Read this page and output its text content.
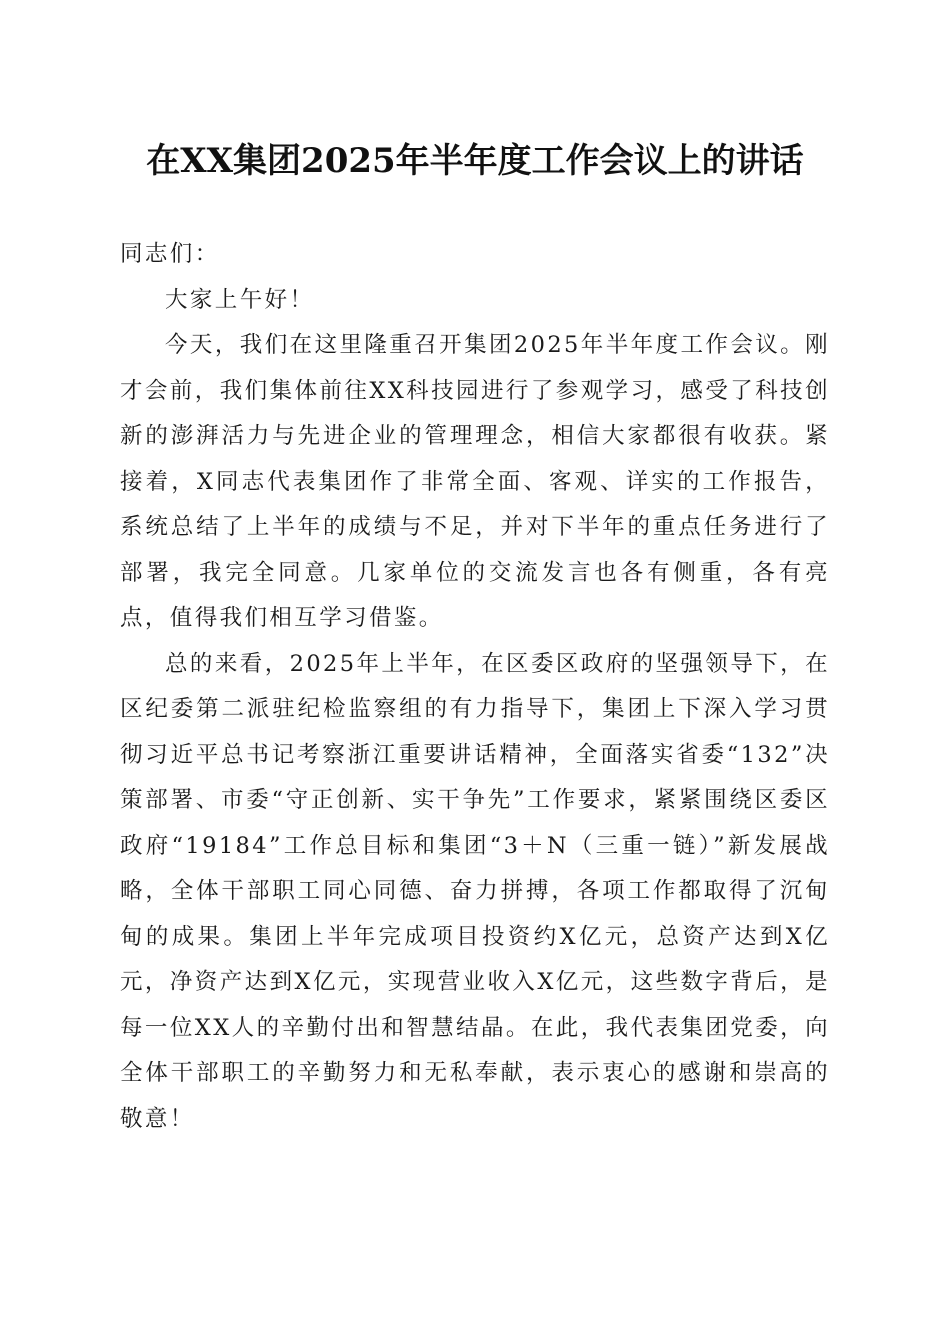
在XX集团2025年半年度工作会议上的讲话

同志们：

大家上午好！

今天，我们在这里隆重召开集团2025年半年度工作会议。刚才会前，我们集体前往XX科技园进行了参观学习，感受了科技创新的澎湃活力与先进企业的管理理念，相信大家都很有收获。紧接着，X同志代表集团作了非常全面、客观、详实的工作报告，系统总结了上半年的成绩与不足，并对下半年的重点任务进行了部署，我完全同意。几家单位的交流发言也各有侧重，各有亮点，值得我们相互学习借鉴。

总的来看，2025年上半年，在区委区政府的坚强领导下，在区纪委第二派驻纪检监察组的有力指导下，集团上下深入学习贯彻习近平总书记考察浙江重要讲话精神，全面落实省委“132”决策部署、市委“守正创新、实干争先”工作要求，紧紧围绕区委区政府“19184”工作总目标和集团“3＋N（三重一链）”新发展战略，全体干部职工同心同德、奋力拼搏，各项工作都取得了沉甸甸的成果。集团上半年完成项目投资约X亿元，总资产达到X亿元，净资产达到X亿元，实现营业收入X亿元，这些数字背后，是每一位XX人的辛勤付出和智慧结晶。在此，我代表集团党委，向全体干部职工的辛勤努力和无私奉献，表示衷心的感谢和崇高的敬意！
